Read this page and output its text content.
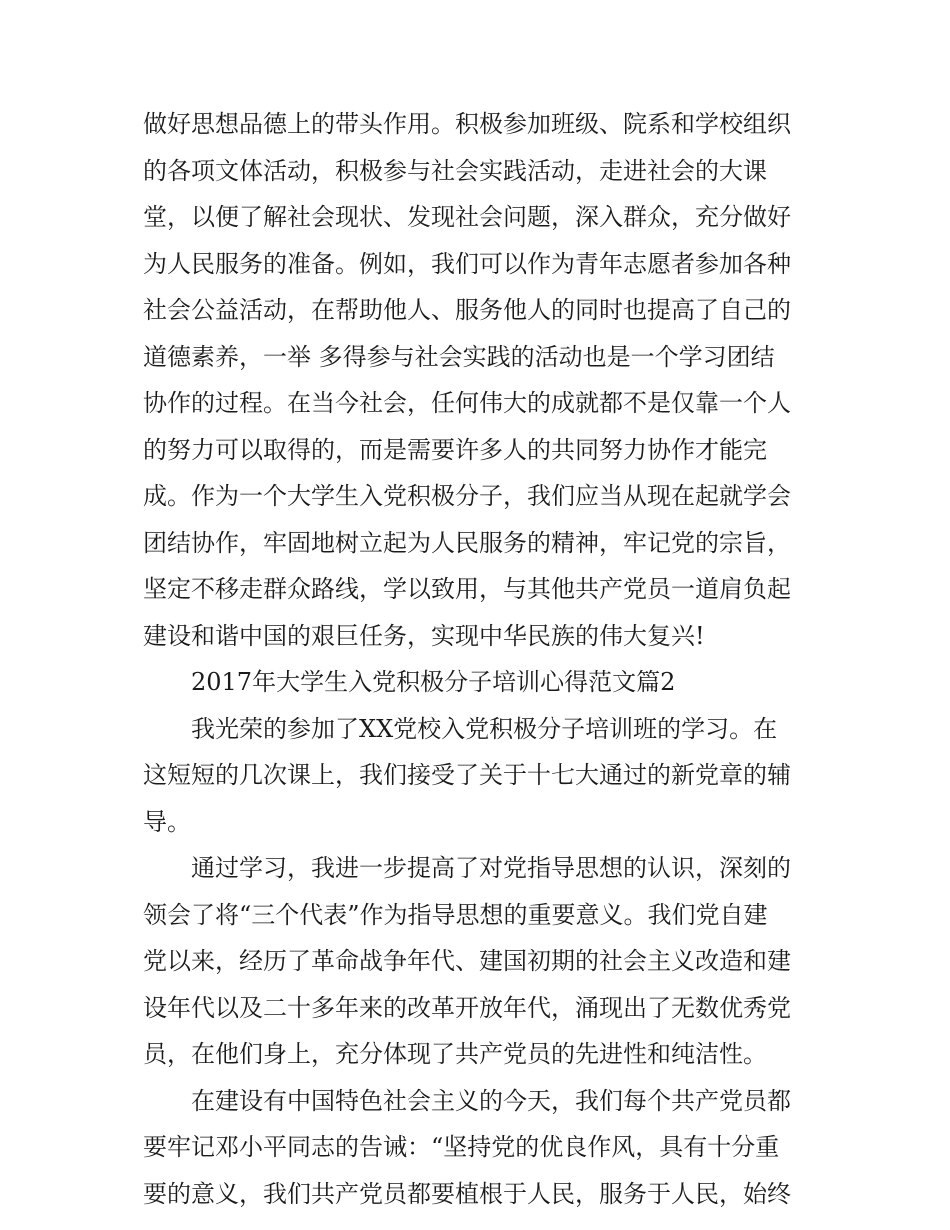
做好思想品德上的带头作用。积极参加班级、院系和学校组织
的各项文体活动，积极参与社会实践活动，走进社会的大课
堂，以便了解社会现状、发现社会问题，深入群众，充分做好
为人民服务的准备。例如，我们可以作为青年志愿者参加各种
社会公益活动，在帮助他人、服务他人的同时也提高了自己的
道德素养，一举 多得参与社会实践的活动也是一个学习团结
协作的过程。在当今社会，任何伟大的成就都不是仅靠一个人
的努力可以取得的，而是需要许多人的共同努力协作才能完
成。作为一个大学生入党积极分子，我们应当从现在起就学会
团结协作，牢固地树立起为人民服务的精神，牢记党的宗旨，
坚定不移走群众路线，学以致用，与其他共产党员一道肩负起
建设和谐中国的艰巨任务，实现中华民族的伟大复兴!
2017年大学生入党积极分子培训心得范文篇2
我光荣的参加了XX党校入党积极分子培训班的学习。在
这短短的几次课上，我们接受了关于十七大通过的新党章的辅
导。
通过学习，我进一步提高了对党指导思想的认识，深刻的
领会了将“三个代表”作为指导思想的重要意义。我们党自建
党以来，经历了革命战争年代、建国初期的社会主义改造和建
设年代以及二十多年来的改革开放年代，涌现出了无数优秀党
员，在他们身上，充分体现了共产党员的先进性和纯洁性。
在建设有中国特色社会主义的今天，我们每个共产党员都
要牢记邓小平同志的告诫：“坚持党的优良作风，具有十分重
要的意义，我们共产党员都要植根于人民，服务于人民，始终
